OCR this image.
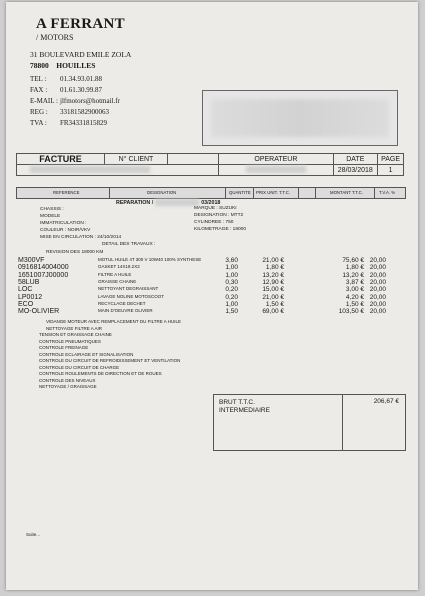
A FERRANT
/ MOTORS
31 BOULEVARD EMILE ZOLA
78800 HOUILLES
TEL : 01.34.93.01.88
FAX : 01.61.30.99.87
E-MAIL : jlfmotors@hotmail.fr
REG : 331815829​00063
TVA : FR34331815829
FACTURE	N° CLIENT		OPERATEUR	DATE	PAGE
				28/03/2018	1
REFERENCE	DESIGNATION	QUANTITE PRIX UNIT. T.T.C.	MONTANT T.T.C.	T.V.A. %
REPARATION /	03/2018
CHASSIS :
MODELE
IMMATRICULATION :
COULEUR : NOIR/VKV
MISE EN CIRCULATION : 24/10/2014
MARQUE : SUZUKI
DESIGNATION : MTT2
CYLINDREE : 750
KILOMETRAGE : 18000
DETAIL DES TRAVAUX :
REVISION DES 18000 KM
M300VF	MOTUL HUILE 4T 300 V 10W40 100% SYNTHESE	3,60	21,00 €	75,60 € 20,00
0916814004000	GASKET 14X18.2X2	1,00	1,80 €	1,80 € 20,00
1651007J00000	FILTRE A HUILE	1,00	13,20 €	13,20 € 20,00
58LUB	GRAISSE CHAINE	0,30	12,90 €	3,87 € 20,00
LOC	NETTOYANT DEGRAISSANT	0,20	15,00 €	3,00 € 20,00
LP0012	LAVAGE NOLINE MOTOSCOOT	0,20	21,00 €	4,20 € 20,00
ECO	RECYCLAGE DECHET	1,00	1,50 €	1,50 € 20,00
MO-OLIVIER	MAIN D'OEUVRE OLIVIER	1,50	69,00 €	103,50 € 20,00
VIDANGE MOTEUR AVEC REMPLACEMENT DU FILTRE A HUILE
NETTOYAGE FILTRE A AIR
TENSION ET GRAISSAGE CHAINE
CONTROLE PNEUMATIQUES
CONTROLE FREINAGE
CONTROLE ECLAIRAGE ET SIGNALISATION
CONTROLE DU CIRCUIT DE REFROIDISSEMENT ET VENTILATION
CONTROLE DU CIRCUIT DE CHARGE
CONTROLE ROULEMENTS DE DIRECTION ET DE ROUES
CONTROLE DES NIVEAUX
NETTOYAGE / GRAISSAGE
BRUT T.T.C.
INTERMEDIAIRE
206,67 €
Suite...
